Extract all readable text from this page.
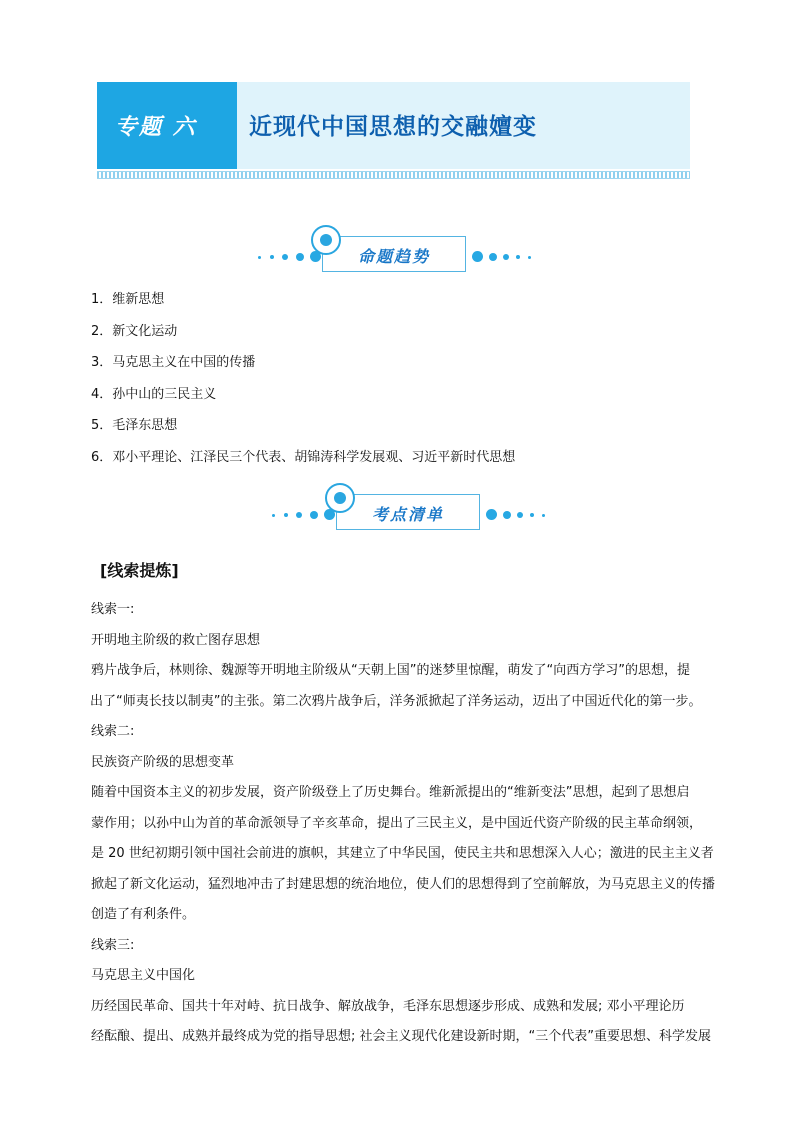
专题 六 近现代中国思想的交融嬗变
命题趋势
1．维新思想
2．新文化运动
3．马克思主义在中国的传播
4．孙中山的三民主义
5．毛泽东思想
6．邓小平理论、江泽民三个代表、胡锦涛科学发展观、习近平新时代思想
考点清单
[线索提炼]
线索一:
开明地主阶级的救亡图存思想
鸦片战争后，林则徐、魏源等开明地主阶级从“天朝上国”的迷梦里惊醒，萌发了“向西方学习”的思想，提
出了“师夷长技以制夷”的主张。第二次鸦片战争后，洋务派掀起了洋务运动，迈出了中国近代化的第一步。
线索二:
民族资产阶级的思想变革
随着中国资本主义的初步发展，资产阶级登上了历史舞台。维新派提出的“维新变法”思想，起到了思想启
蒙作用；以孙中山为首的革命派领导了辛亥革命，提出了三民主义，是中国近代资产阶级的民主革命纲领，
是 20 世纪初期引领中国社会前进的旗帜，其建立了中华民国，使民主共和思想深入人心；激进的民主主义者
掀起了新文化运动，猛烈地冲击了封建思想的统治地位，使人们的思想得到了空前解放，为马克思主义的传播
创造了有利条件。
线索三:
马克思主义中国化
历经国民革命、国共十年对峙、抗日战争、解放战争，毛泽东思想逐步形成、成熟和发展; 邓小平理论历
经酝酿、提出、成熟并最终成为党的指导思想; 社会主义现代化建设新时期，“三个代表”重要思想、科学发展
